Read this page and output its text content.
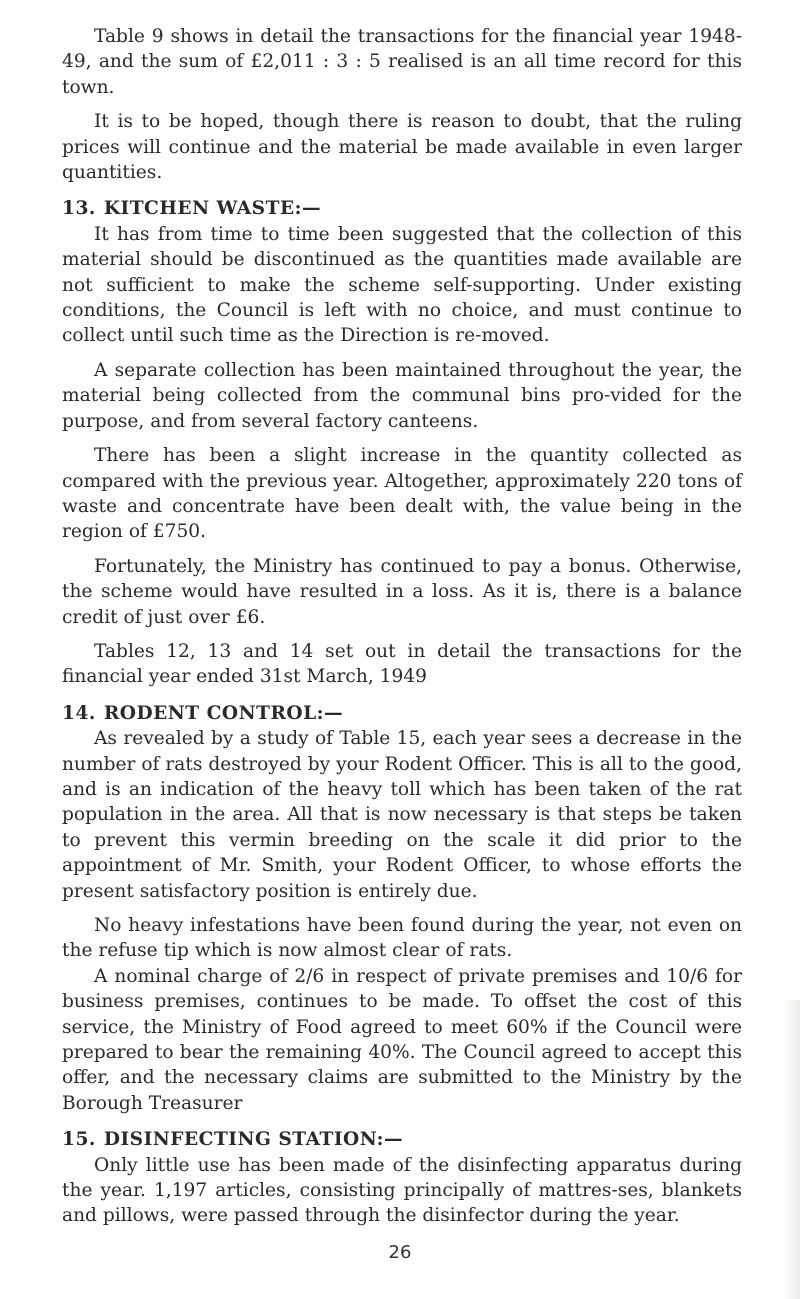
Table 9 shows in detail the transactions for the financial year 1948-49, and the sum of £2,011 : 3 : 5 realised is an all time record for this town.

It is to be hoped, though there is reason to doubt, that the ruling prices will continue and the material be made available in even larger quantities.

13. KITCHEN WASTE:—

It has from time to time been suggested that the collection of this material should be discontinued as the quantities made available are not sufficient to make the scheme self-supporting. Under existing conditions, the Council is left with no choice, and must continue to collect until such time as the Direction is re-moved.

A separate collection has been maintained throughout the year, the material being collected from the communal bins pro-vided for the purpose, and from several factory canteens.

There has been a slight increase in the quantity collected as compared with the previous year. Altogether, approximately 220 tons of waste and concentrate have been dealt with, the value being in the region of £750.

Fortunately, the Ministry has continued to pay a bonus. Otherwise, the scheme would have resulted in a loss. As it is, there is a balance credit of just over £6.

Tables 12, 13 and 14 set out in detail the transactions for the financial year ended 31st March, 1949

14. RODENT CONTROL:—

As revealed by a study of Table 15, each year sees a decrease in the number of rats destroyed by your Rodent Officer. This is all to the good, and is an indication of the heavy toll which has been taken of the rat population in the area. All that is now necessary is that steps be taken to prevent this vermin breeding on the scale it did prior to the appointment of Mr. Smith, your Rodent Officer, to whose efforts the present satisfactory position is entirely due.

No heavy infestations have been found during the year, not even on the refuse tip which is now almost clear of rats.

A nominal charge of 2/6 in respect of private premises and 10/6 for business premises, continues to be made. To offset the cost of this service, the Ministry of Food agreed to meet 60% if the Council were prepared to bear the remaining 40%. The Council agreed to accept this offer, and the necessary claims are submitted to the Ministry by the Borough Treasurer

15. DISINFECTING STATION:—

Only little use has been made of the disinfecting apparatus during the year. 1,197 articles, consisting principally of mattres-ses, blankets and pillows, were passed through the disinfector during the year.

26
